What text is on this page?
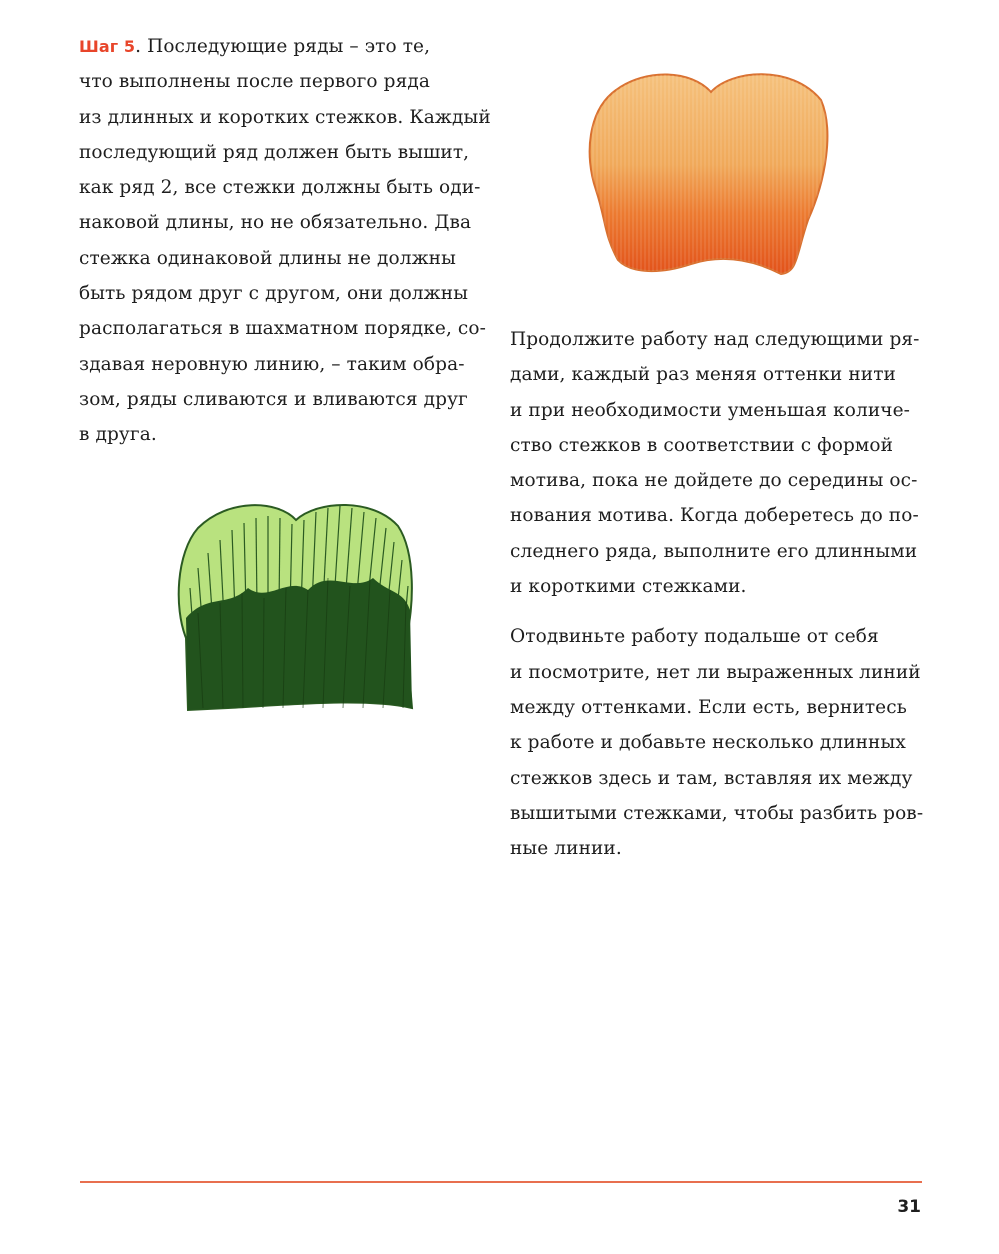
Шаг 5. Последующие ряды – это те,
что выполнены после первого ряда
из длинных и коротких стежков. Каждый
последующий ряд должен быть вышит,
как ряд 2, все стежки должны быть оди-
наковой длины, но не обязательно. Два
стежка одинаковой длины не должны
быть рядом друг с другом, они должны
располагаться в шахматном порядке, со-
здавая неровную линию, – таким обра-
зом, ряды сливаются и вливаются друг
в друга.
Продолжите работу над следующими ря-
дами, каждый раз меняя оттенки нити
и при необходимости уменьшая количе-
ство стежков в соответствии с формой
мотива, пока не дойдете до середины ос-
нования мотива. Когда доберетесь до по-
следнего ряда, выполните его длинными
и короткими стежками.
Отодвиньте работу подальше от себя
и посмотрите, нет ли выраженных линий
между оттенками. Если есть, вернитесь
к работе и добавьте несколько длинных
стежков здесь и там, вставляя их между
вышитыми стежками, чтобы разбить ров-
ные линии.
31
